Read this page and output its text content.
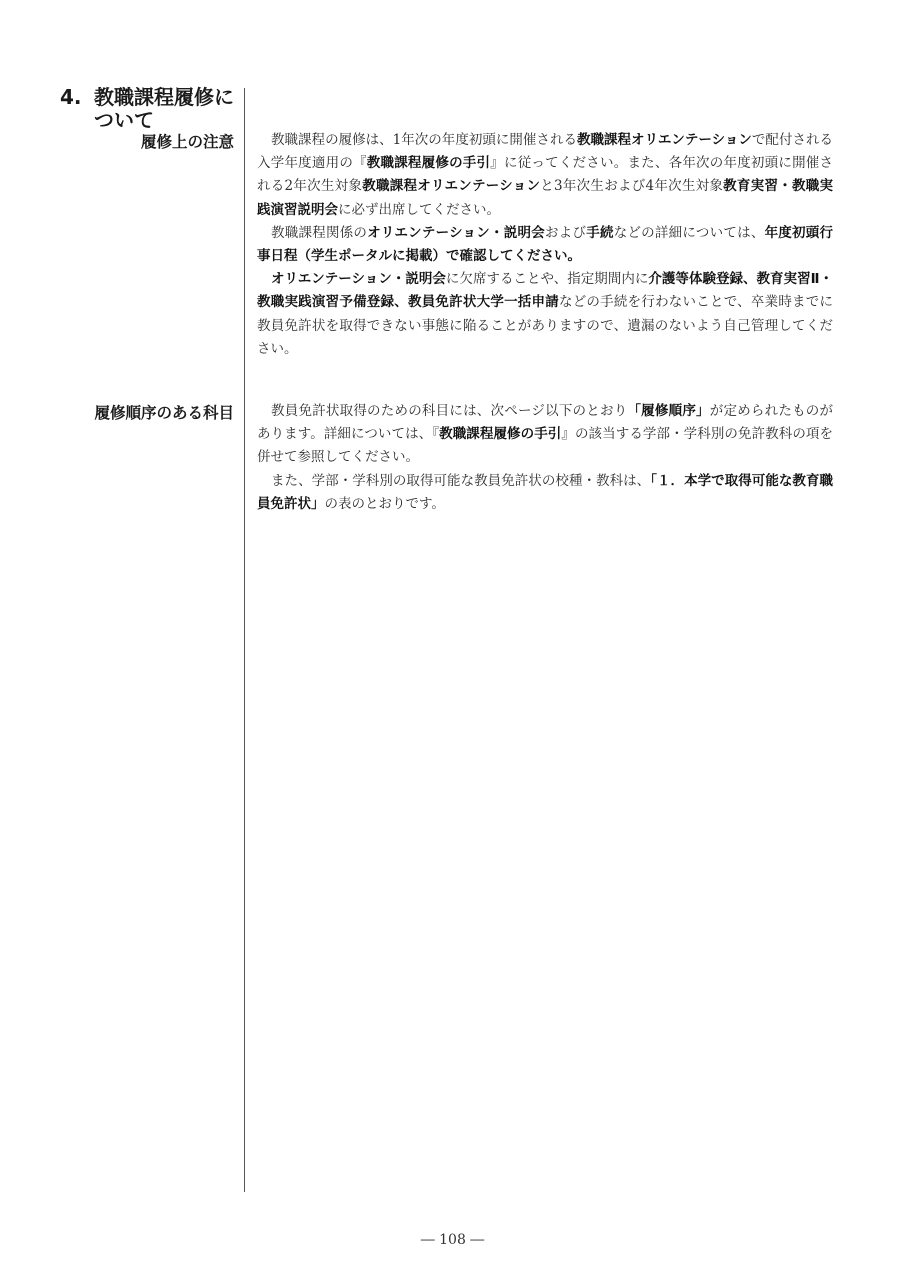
4. 教職課程履修に
ついて
履修上の注意	教職課程の履修は、1年次の年度初頭に開催される教職課程オリエンテーションで配付される入学年度適用の『教職課程履修の手引』に従ってください。また、各年次の年度初頭に開催される2年次生対象教職課程オリエンテーションと3年次生および4年次生対象教育実習・教職実践演習説明会に必ず出席してください。

教職課程関係のオリエンテーション・説明会および手続などの詳細については、年度初頭行事日程（学生ポータルに掲載）で確認してください。

オリエンテーション・説明会に欠席することや、指定期間内に介護等体験登録、教育実習Ⅱ・教職実践演習予備登録、教員免許状大学一括申請などの手続を行わないことで、卒業時までに教員免許状を取得できない事態に陥ることがありますので、遺漏のないよう自己管理してください。

履修順序のある科目	教員免許状取得のための科目には、次ページ以下のとおり「履修順序」が定められたものがあります。詳細については、『教職課程履修の手引』の該当する学部・学科別の免許教科の項を併せて参照してください。

また、学部・学科別の取得可能な教員免許状の校種・教科は、「１．本学で取得可能な教育職員免許状」の表のとおりです。

― 108 ―
